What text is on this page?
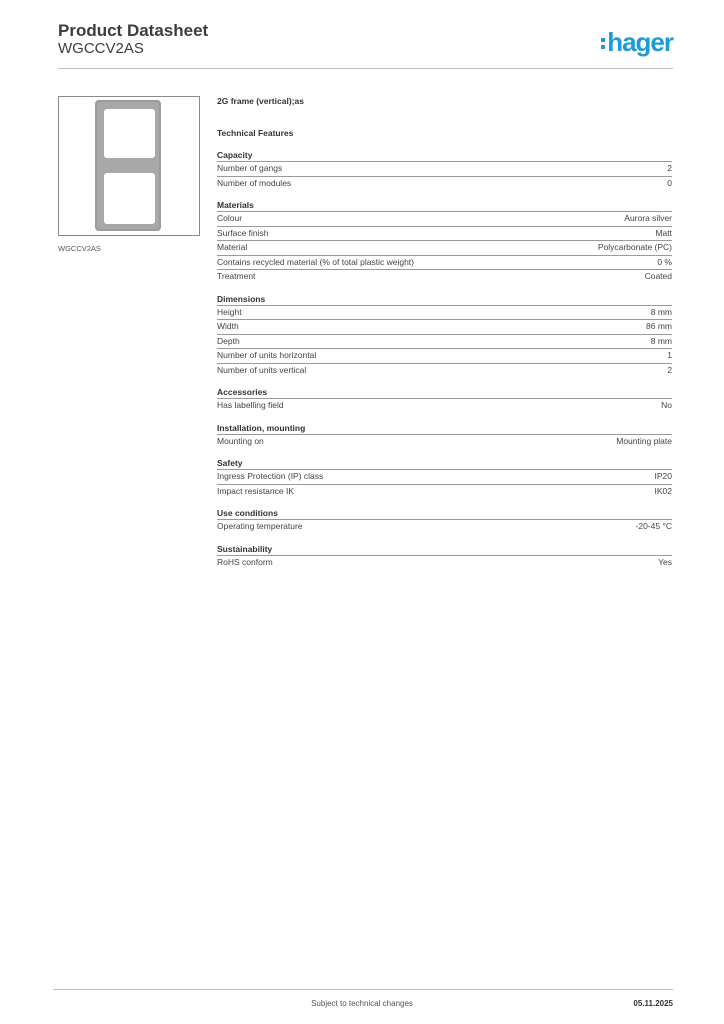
Product Datasheet
WGCCV2AS	hager
WGCCV2AS
2G frame (vertical);as
Technical Features
Capacity
Number of gangs	2
Number of modules	0
Materials
Colour	Aurora silver
Surface finish	Matt
Material	Polycarbonate (PC)
Contains recycled material (% of total plastic weight)	0 %
Treatment	Coated
Dimensions
Height	8 mm
Width	86 mm
Depth	8 mm
Number of units horizontal	1
Number of units vertical	2
Accessories
Has labelling field	No
Installation, mounting
Mounting on	Mounting plate
Safety
Ingress Protection (IP) class	IP20
Impact resistance IK	IK02
Use conditions
Operating temperature	-20-45 °C
Sustainability
RoHS conform	Yes
Subject to technical changes	05.11.2025
